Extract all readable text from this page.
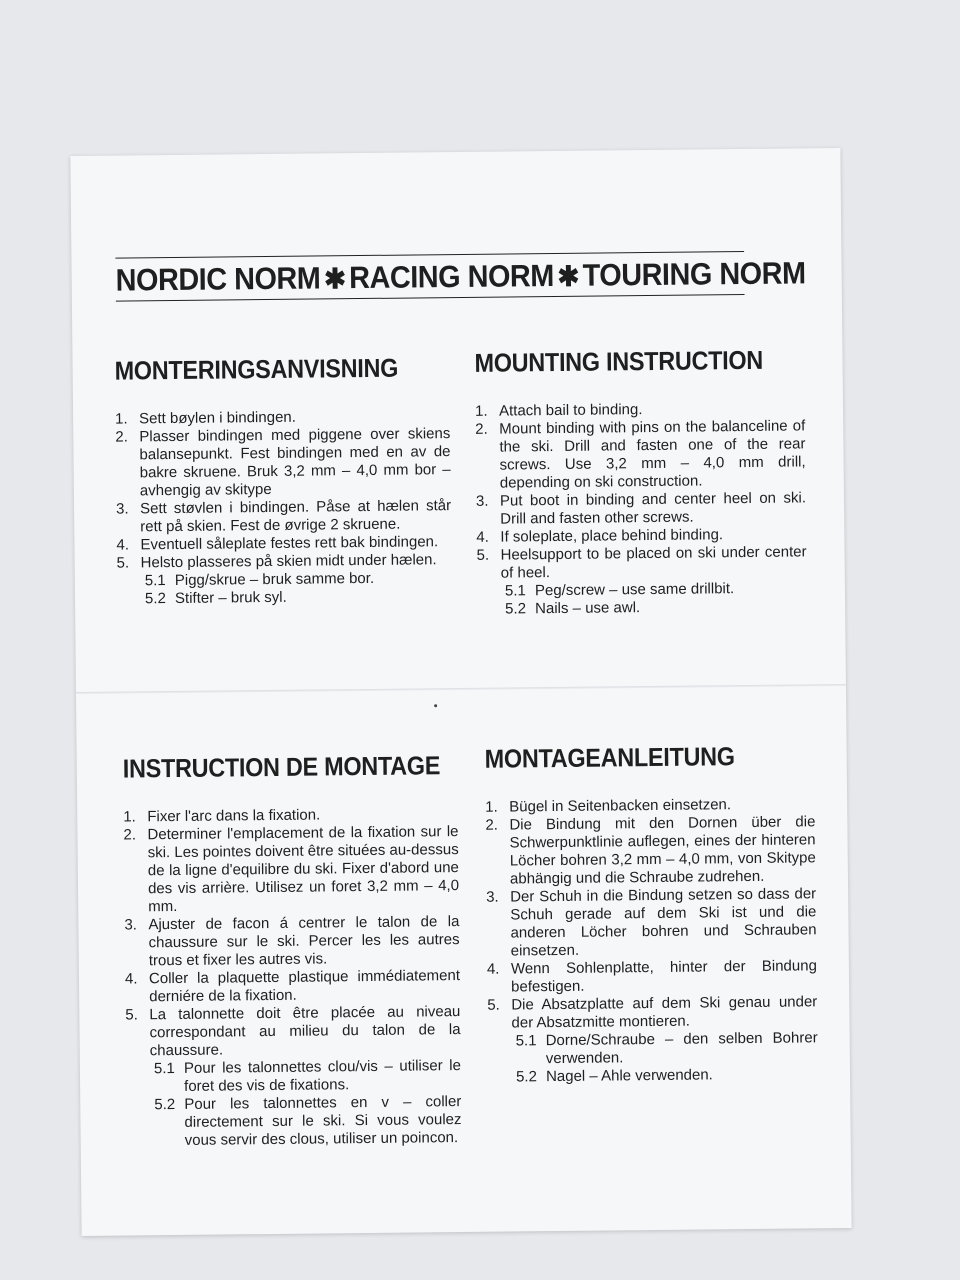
NORDIC NORM ✱ RACING NORM ✱ TOURING NORM
MONTERINGSANVISNING
1. Sett bøylen i bindingen.
2. Plasser bindingen med piggene over skiens balansepunkt. Fest bindingen med en av de bakre skruene. Bruk 3,2 mm – 4,0 mm bor – avhengig av skitype
3. Sett støvlen i bindingen. Påse at hælen står rett på skien. Fest de øvrige 2 skruene.
4. Eventuell såleplate festes rett bak bindingen.
5. Helsto plasseres på skien midt under hælen.
5.1 Pigg/skrue – bruk samme bor.
5.2 Stifter – bruk syl.
MOUNTING INSTRUCTION
1. Attach bail to binding.
2. Mount binding with pins on the balanceline of the ski. Drill and fasten one of the rear screws. Use 3,2 mm – 4,0 mm drill, depending on ski construction.
3. Put boot in binding and center heel on ski. Drill and fasten other screws.
4. If soleplate, place behind binding.
5. Heelsupport to be placed on ski under center of heel.
5.1 Peg/screw – use same drillbit.
5.2 Nails – use awl.
INSTRUCTION DE MONTAGE
1. Fixer l'arc dans la fixation.
2. Determiner l'emplacement de la fixation sur le ski. Les pointes doivent être situées au-dessus de la ligne d'equilibre du ski. Fixer d'abord une des vis arrière. Utilisez un foret 3,2 mm – 4,0 mm.
3. Ajuster de facon á centrer le talon de la chaussure sur le ski. Percer les les autres trous et fixer les autres vis.
4. Coller la plaquette plastique immédiatement derniére de la fixation.
5. La talonnette doit être placée au niveau correspondant au milieu du talon de la chaussure.
5.1 Pour les talonnettes clou/vis – utiliser le foret des vis de fixations.
5.2 Pour les talonnettes en v – coller directement sur le ski. Si vous voulez vous servir des clous, utiliser un poincon.
MONTAGEANLEITUNG
1. Bügel in Seitenbacken einsetzen.
2. Die Bindung mit den Dornen über die Schwerpunktlinie auflegen, eines der hinteren Löcher bohren 3,2 mm – 4,0 mm, von Skitype abhängig und die Schraube zudrehen.
3. Der Schuh in die Bindung setzen so dass der Schuh gerade auf dem Ski ist und die anderen Löcher bohren und Schrauben einsetzen.
4. Wenn Sohlenplatte, hinter der Bindung befestigen.
5. Die Absatzplatte auf dem Ski genau under der Absatzmitte montieren.
5.1 Dorne/Schraube – den selben Bohrer verwenden.
5.2 Nagel – Ahle verwenden.
